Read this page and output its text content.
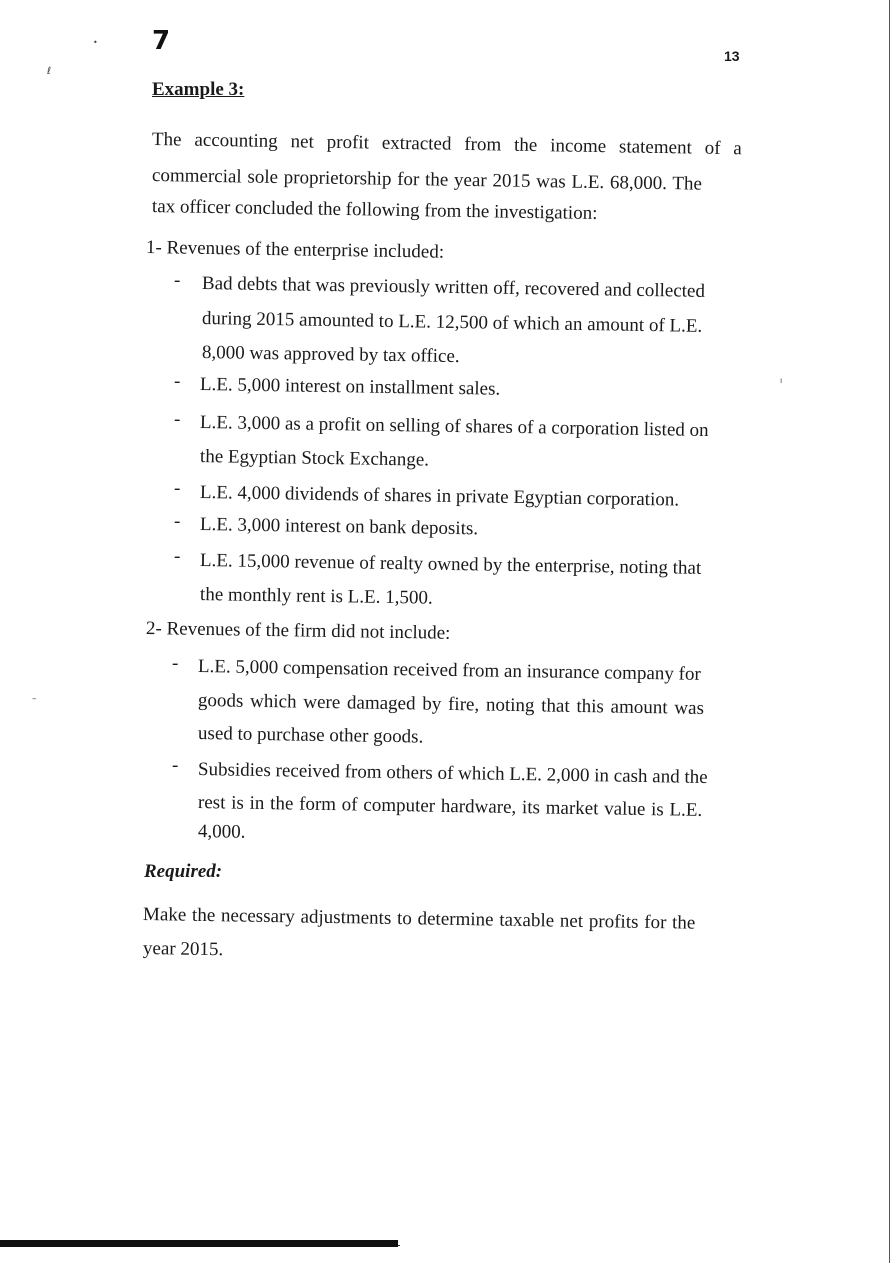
•
ℓ
ı
–
7	13
Example 3:
The accounting net profit extracted from the income statement of a
commercial sole proprietorship for the year 2015 was L.E. 68,000. The
tax officer concluded the following from the investigation:
1- Revenues of the enterprise included:
- Bad debts that was previously written off, recovered and collected
during 2015 amounted to L.E. 12,500 of which an amount of L.E.
8,000 was approved by tax office.
- L.E. 5,000 interest on installment sales.
- L.E. 3,000 as a profit on selling of shares of a corporation listed on
the Egyptian Stock Exchange.
- L.E. 4,000 dividends of shares in private Egyptian corporation.
- L.E. 3,000 interest on bank deposits.
- L.E. 15,000 revenue of realty owned by the enterprise, noting that
the monthly rent is L.E. 1,500.
2- Revenues of the firm did not include:
- L.E. 5,000 compensation received from an insurance company for
goods which were damaged by fire, noting that this amount was
used to purchase other goods.
- Subsidies received from others of which L.E. 2,000 in cash and the
rest is in the form of computer hardware, its market value is L.E.
4,000.
Required:
Make the necessary adjustments to determine taxable net profits for the
year 2015.
